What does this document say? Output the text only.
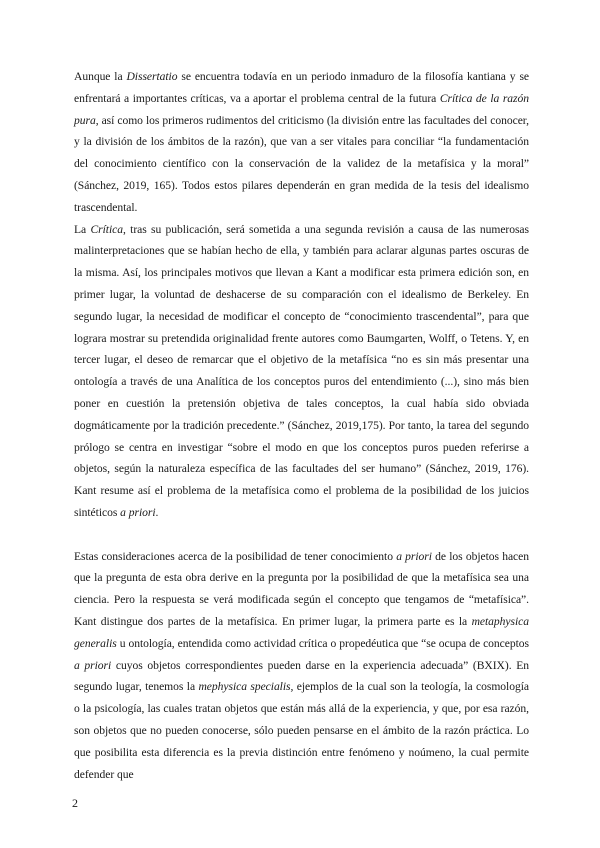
Aunque la Dissertatio se encuentra todavía en un periodo inmaduro de la filosofía kantiana y se enfrentará a importantes críticas, va a aportar el problema central de la futura Crítica de la razón pura, así como los primeros rudimentos del criticismo (la división entre las facultades del conocer, y la división de los ámbitos de la razón), que van a ser vitales para conciliar “la fundamentación del conocimiento científico con la conservación de la validez de la metafísica y la moral” (Sánchez, 2019, 165). Todos estos pilares dependerán en gran medida de la tesis del idealismo trascendental.

La Crítica, tras su publicación, será sometida a una segunda revisión a causa de las numerosas malinterpretaciones que se habían hecho de ella, y también para aclarar algunas partes oscuras de la misma. Así, los principales motivos que llevan a Kant a modificar esta primera edición son, en primer lugar, la voluntad de deshacerse de su comparación con el idealismo de Berkeley. En segundo lugar, la necesidad de modificar el concepto de “conocimiento trascendental”, para que lograra mostrar su pretendida originalidad frente autores como Baumgarten, Wolff, o Tetens. Y, en tercer lugar, el deseo de remarcar que el objetivo de la metafísica “no es sin más presentar una ontología a través de una Analítica de los conceptos puros del entendimiento (...), sino más bien poner en cuestión la pretensión objetiva de tales conceptos, la cual había sido obviada dogmáticamente por la tradición precedente.” (Sánchez, 2019,175). Por tanto, la tarea del segundo prólogo se centra en investigar “sobre el modo en que los conceptos puros pueden referirse a objetos, según la naturaleza específica de las facultades del ser humano” (Sánchez, 2019, 176). Kant resume así el problema de la metafísica como el problema de la posibilidad de los juicios sintéticos a priori.

Estas consideraciones acerca de la posibilidad de tener conocimiento a priori de los objetos hacen que la pregunta de esta obra derive en la pregunta por la posibilidad de que la metafísica sea una ciencia. Pero la respuesta se verá modificada según el concepto que tengamos de “metafísica”. Kant distingue dos partes de la metafísica. En primer lugar, la primera parte es la metaphysica generalis u ontología, entendida como actividad crítica o propedéutica que “se ocupa de conceptos a priori cuyos objetos correspondientes pueden darse en la experiencia adecuada” (BXIX). En segundo lugar, tenemos la mephysica specialis, ejemplos de la cual son la teología, la cosmología o la psicología, las cuales tratan objetos que están más allá de la experiencia, y que, por esa razón, son objetos que no pueden conocerse, sólo pueden pensarse en el ámbito de la razón práctica. Lo que posibilita esta diferencia es la previa distinción entre fenómeno y noúmeno, la cual permite defender que

2
